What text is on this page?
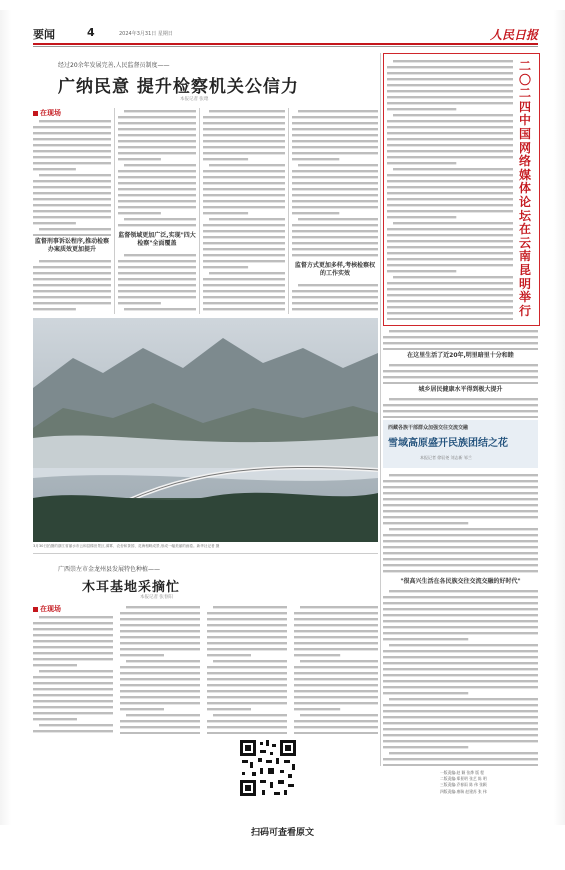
要闻	4	2024年3月31日 星期日	人民日报
经过20余年发展完善,人民监督员制度——
广纳民意 提升检察机关公信力
本报记者 张璁
在现场
监督刑事诉讼程序,推动检察办案质效更加提升
监督领域更加广泛,实现"四大检察"全面覆盖
监督方式更加多样,考核检察权的工作实效
3月30日拍摄的浙江省丽水市云和县梯田景区,薄雾、农舍和茶园、花海相映成景,形成一幅美丽的画卷。新华社记者 摄
二〇二四中国网络媒体论坛在云南昆明举行
在这里生活了近20年,明里暗里十分和睦
城乡居民健康水平得到极大提升
西藏各族干部群众加强交往交流交融
雪域高原盛开民族团结之花
本报记者 徐驭尧 刘志新 邹兰
"很高兴生活在各民族交往交流交融的好时代"
广西崇左市金龙州县发展特色种植——
木耳基地采摘忙
本报记者 张春阳
在现场
扫码可查看原文
一版责编:赵 颖 张烨 版 程
二版责编:郑景明 张艺 陈 明
三版责编:乔春雨 陈 伟 张颖
四版责编:康瑞 赵建苏 张 伟
